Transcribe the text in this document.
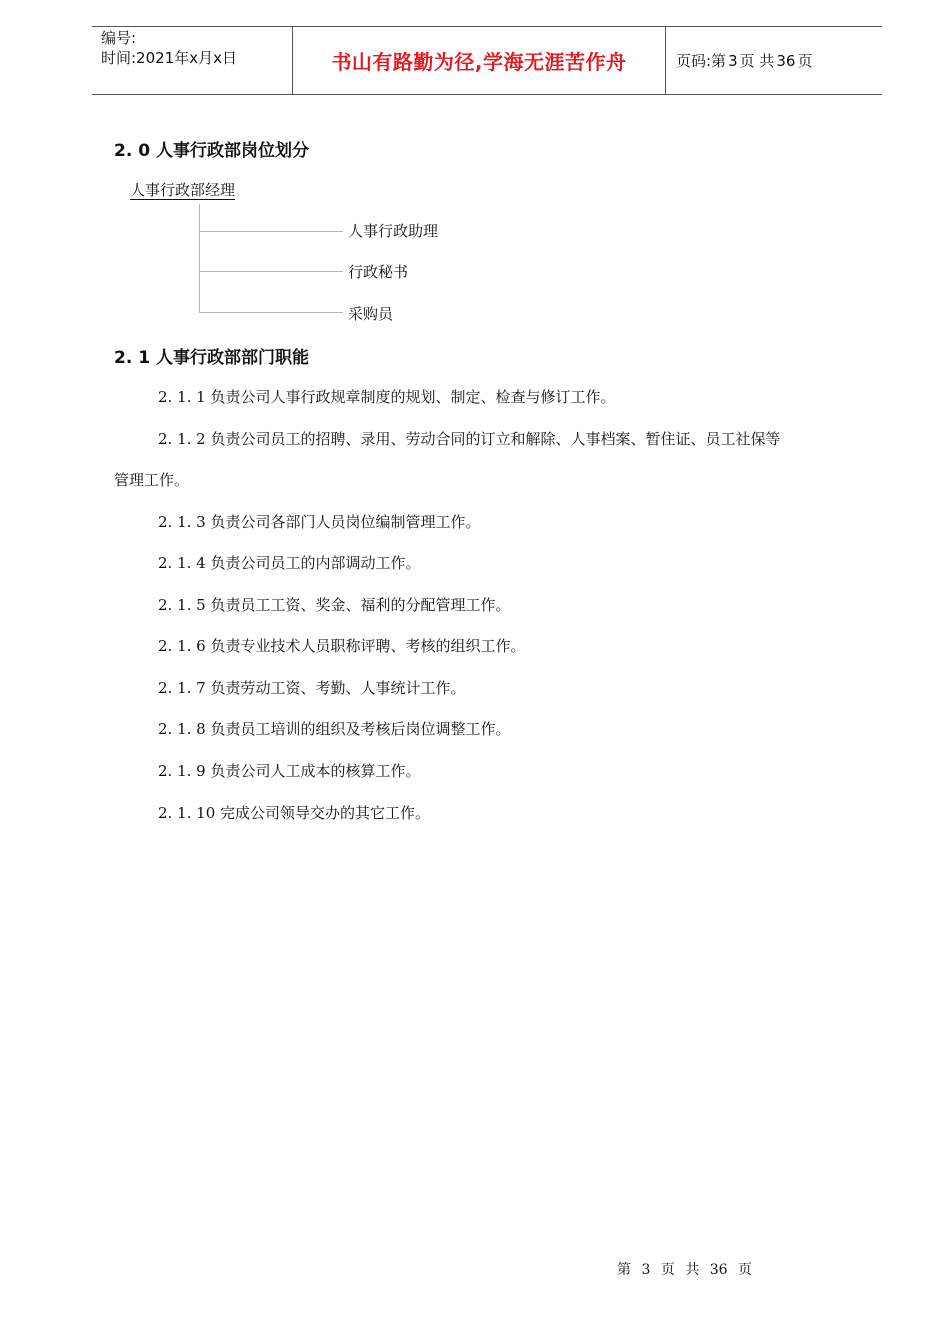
编号:
时间:2021年x月x日	书山有路勤为径,学海无涯苦作舟	页码:第 3 页 共 36 页
2. 0 人事行政部岗位划分
人事行政部经理
人事行政助理
行政秘书
采购员
2. 1 人事行政部部门职能
2. 1. 1 负责公司人事行政规章制度的规划、制定、检查与修订工作。
2. 1. 2 负责公司员工的招聘、录用、劳动合同的订立和解除、人事档案、暂住证、员工社保等
管理工作。
2. 1. 3 负责公司各部门人员岗位编制管理工作。
2. 1. 4 负责公司员工的内部调动工作。
2. 1. 5 负责员工工资、奖金、福利的分配管理工作。
2. 1. 6 负责专业技术人员职称评聘、考核的组织工作。
2. 1. 7 负责劳动工资、考勤、人事统计工作。
2. 1. 8 负责员工培训的组织及考核后岗位调整工作。
2. 1. 9 负责公司人工成本的核算工作。
2. 1. 10 完成公司领导交办的其它工作。
第 3 页 共 36 页
